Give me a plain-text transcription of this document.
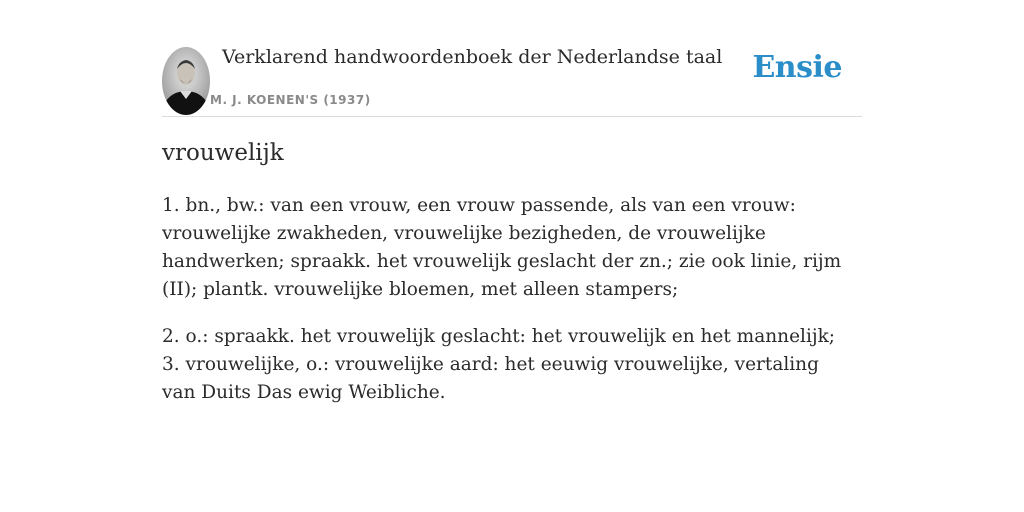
Verklarend handwoordenboek der Nederlandse taal
M. J. KOENEN'S (1937)
Ensie
vrouwelijk

1. bn., bw.: van een vrouw, een vrouw passende, als van een vrouw: vrouwelijke zwakheden, vrouwelijke bezigheden, de vrouwelijke handwerken; spraakk. het vrouwelijk geslacht der zn.; zie ook linie, rijm (II); plantk. vrouwelijke bloemen, met alleen stampers;

2. o.: spraakk. het vrouwelijk geslacht: het vrouwelijk en het mannelijk;
3. vrouwelijke, o.: vrouwelijke aard: het eeuwig vrouwelijke, vertaling van Duits Das ewig Weibliche.
